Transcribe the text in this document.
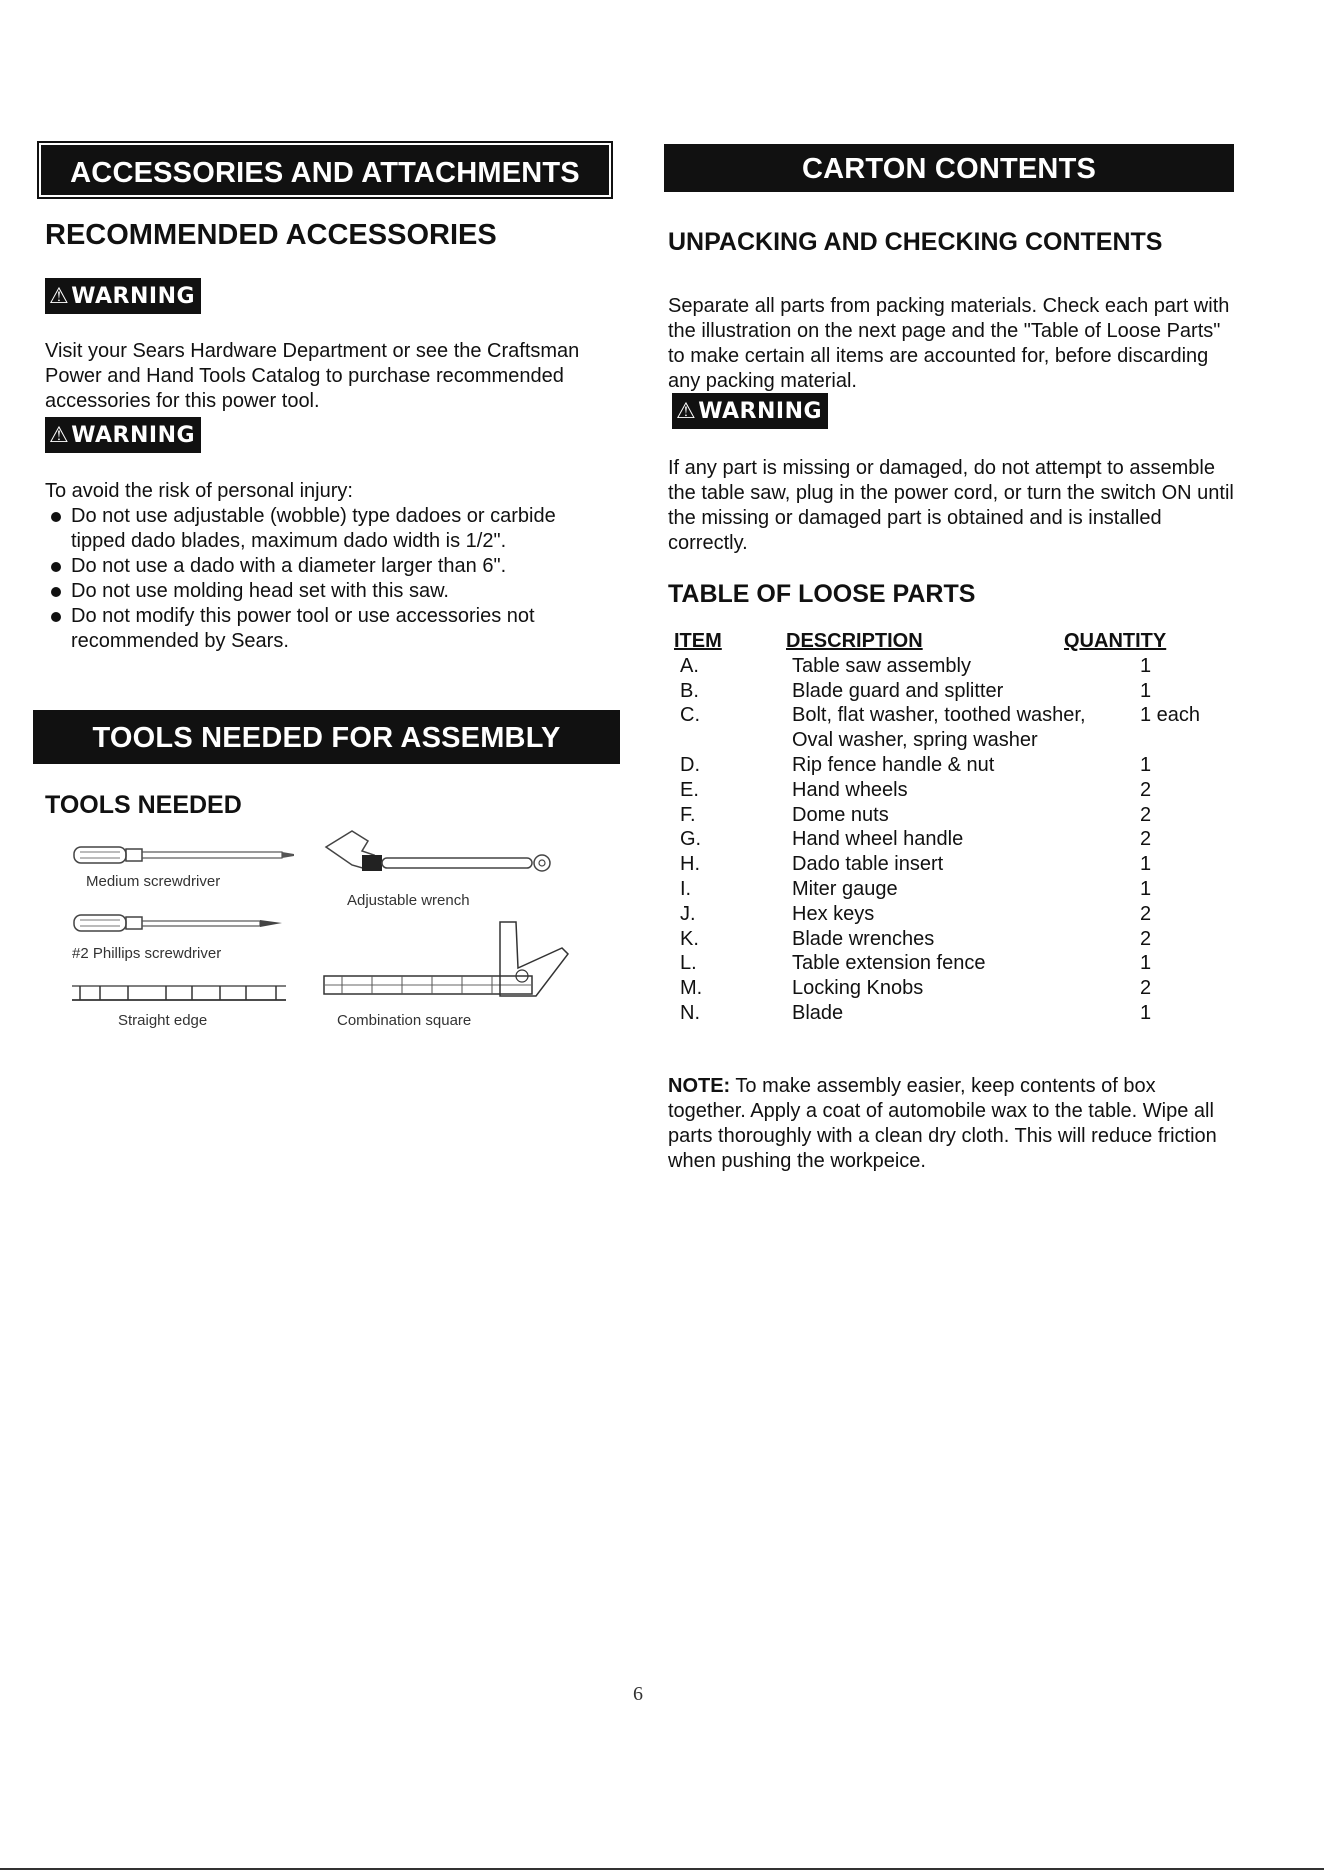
ACCESSORIES AND ATTACHMENTS
RECOMMENDED ACCESSORIES
⚠WARNING

Visit your Sears Hardware Department or see the Craftsman Power and Hand Tools Catalog to purchase recommended accessories for this power tool.

⚠WARNING

To avoid the risk of personal injury:

Do not use adjustable (wobble) type dadoes or carbide tipped dado blades, maximum dado width is 1/2".
Do not use a dado with a diameter larger than 6".
Do not use molding head set with this saw.
Do not modify this power tool or use accessories not recommended by Sears.
TOOLS NEEDED FOR ASSEMBLY
TOOLS NEEDED
Medium screwdriver
#2 Phillips screwdriver
Straight edge
Adjustable wrench
Combination square
CARTON CONTENTS
UNPACKING AND CHECKING CONTENTS

Separate all parts from packing materials. Check each part with the illustration on the next page and the "Table of Loose Parts" to make certain all items are accounted for, before discarding any packing material.

⚠WARNING

If any part is missing or damaged, do not attempt to assemble the table saw, plug in the power cord, or turn the switch ON until the missing or damaged part is obtained and is installed correctly.

TABLE OF LOOSE PARTS
ITEM	DESCRIPTION	QUANTITY
A.	Table saw assembly	1
B.	Blade guard and splitter	1
C.	Bolt, flat washer, toothed washer,	1 each
Oval washer, spring washer
D.	Rip fence handle & nut	1
E.	Hand wheels	2
F.	Dome nuts	2
G.	Hand wheel handle	2
H.	Dado table insert	1
I.	Miter gauge	1
J.	Hex keys	2
K.	Blade wrenches	2
L.	Table extension fence	1
M.	Locking Knobs	2
N.	Blade	1

NOTE: To make assembly easier, keep contents of box together. Apply a coat of automobile wax to the table. Wipe all parts thoroughly with a clean dry cloth. This will reduce friction when pushing the workpeice.

6
